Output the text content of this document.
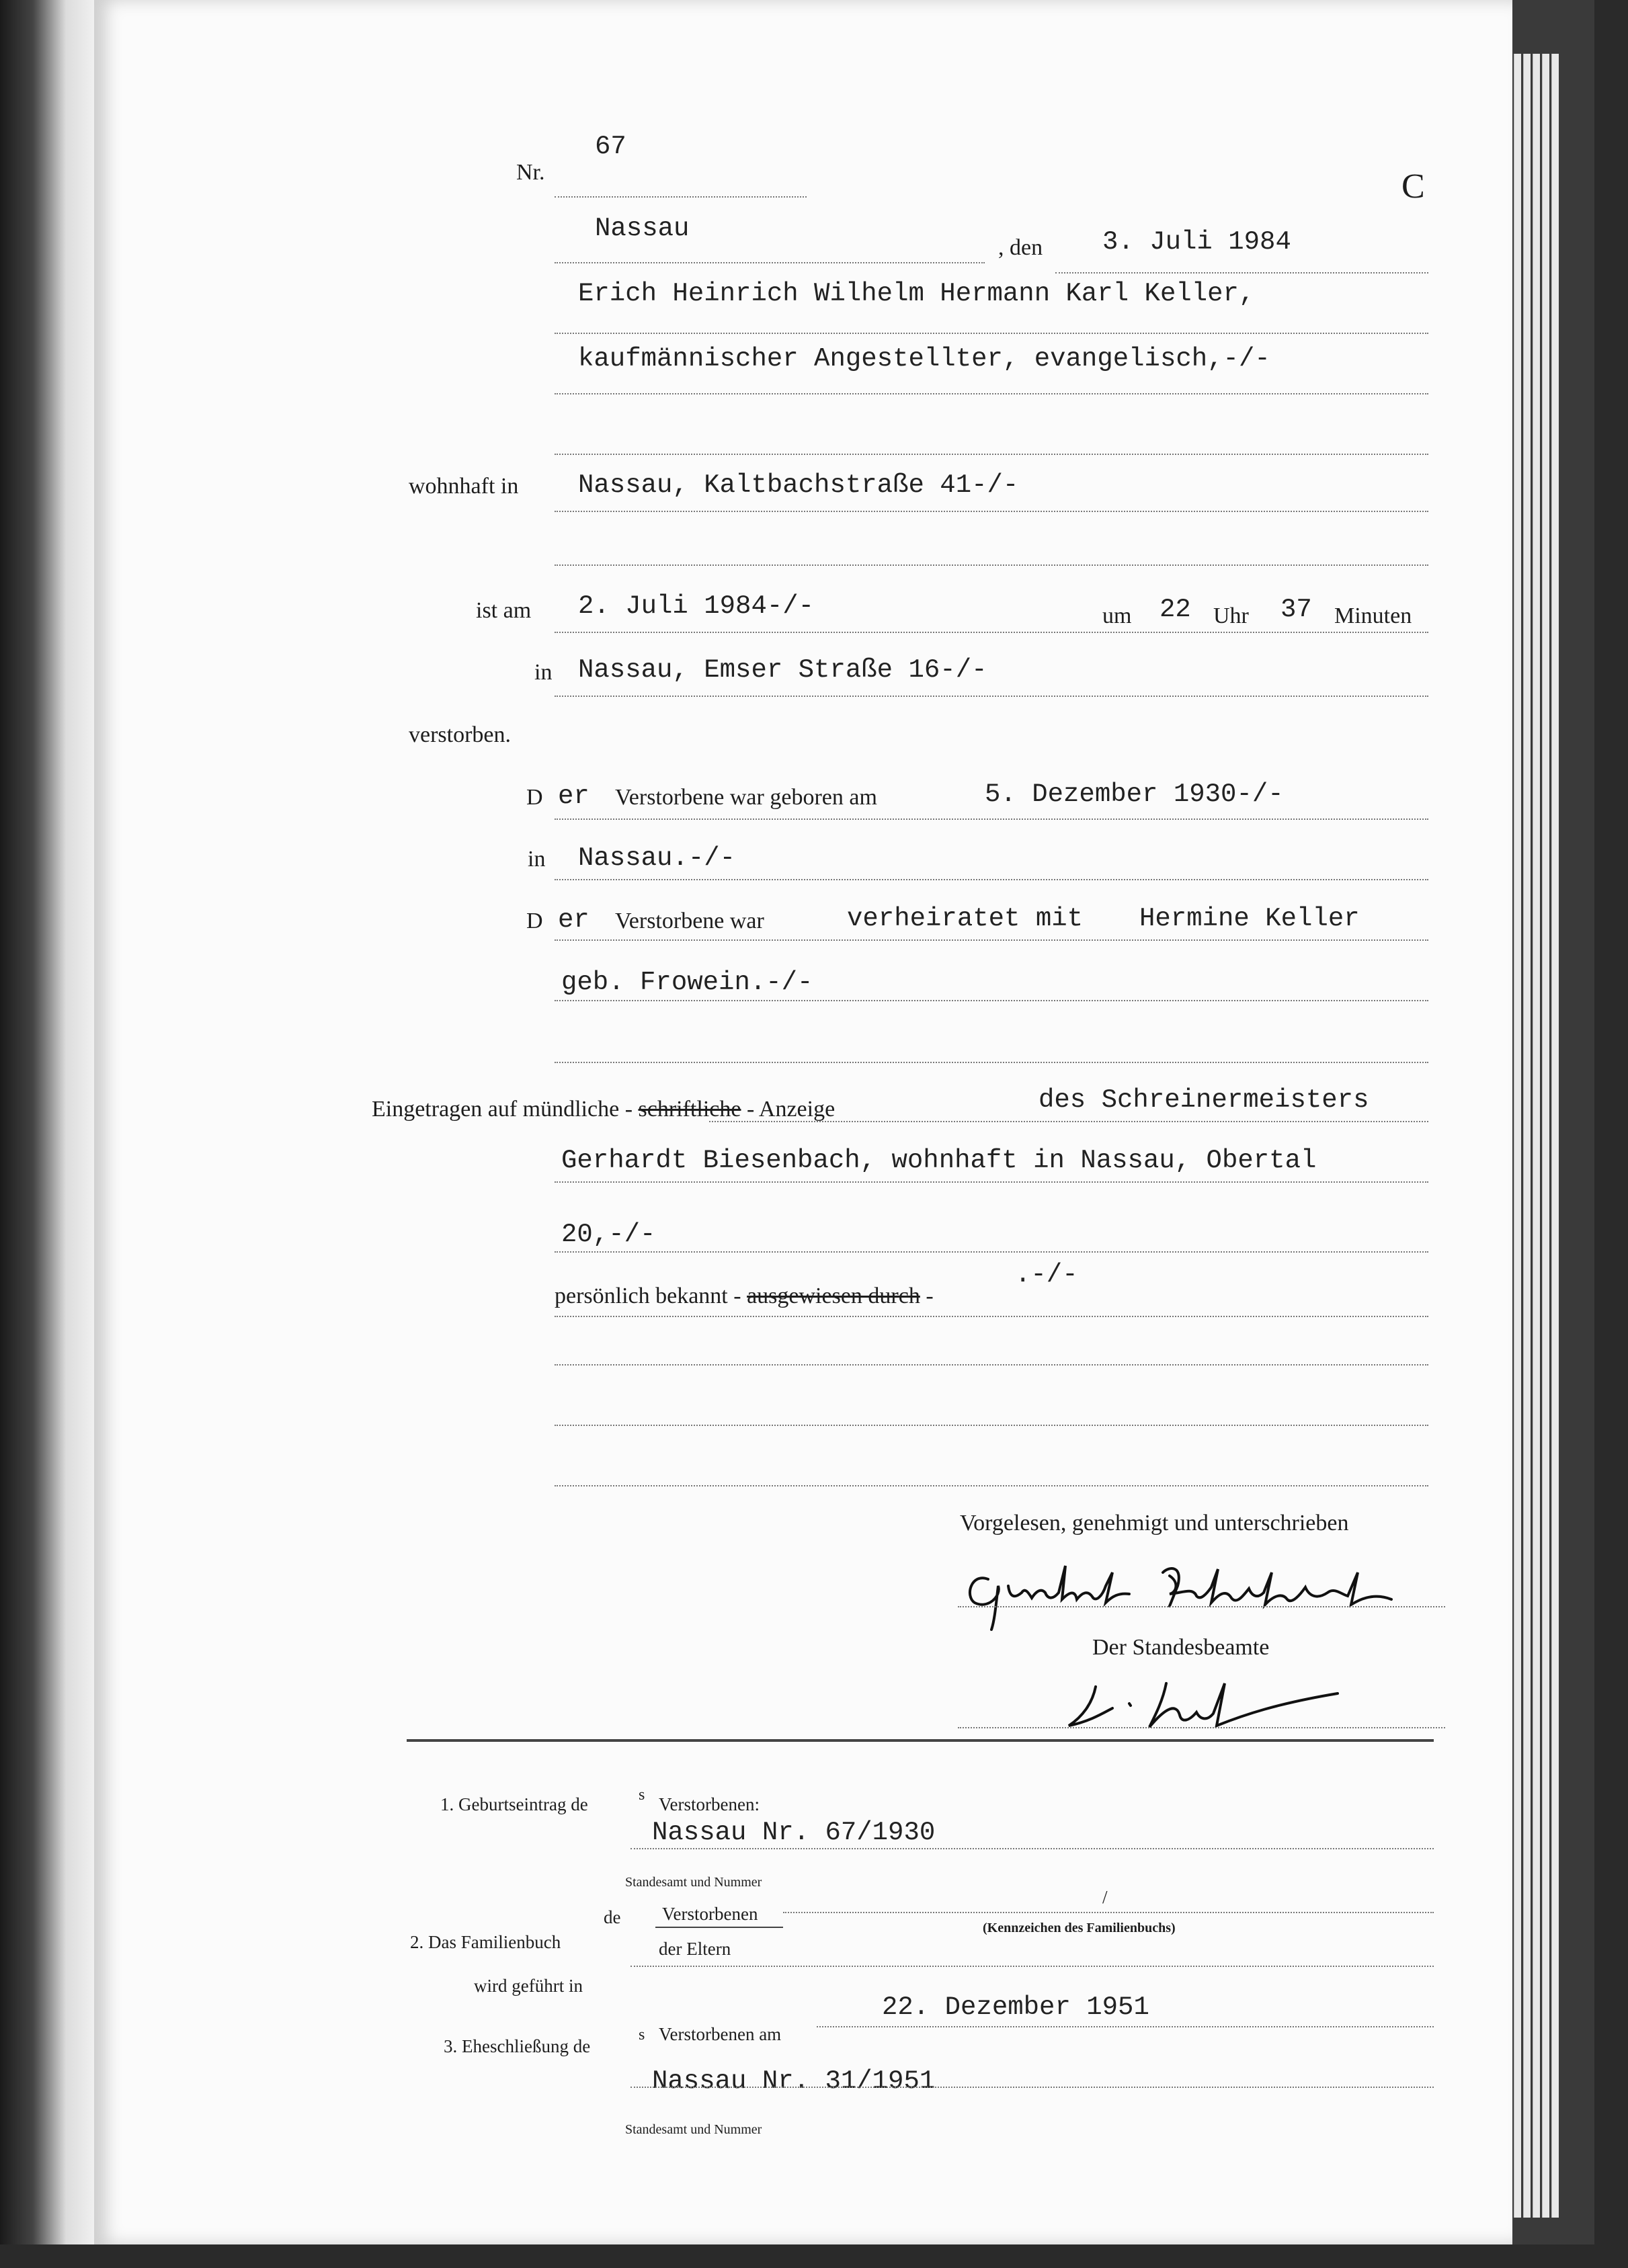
Nr.
67
C
Nassau
, den 3. Juli 1984
Erich Heinrich Wilhelm Hermann Karl Keller,
kaufmännischer Angestellter, evangelisch,-/-
wohnhaft in Nassau, Kaltbachstraße 41-/-
ist am 2. Juli 1984-/-	um 22 Uhr 37 Minuten
in Nassau, Emser Straße 16-/-
verstorben.
D er Verstorbene war geboren am	5. Dezember 1930-/-
in Nassau.-/-
D er Verstorbene war	verheiratet mit Hermine Keller
geb. Frowein.-/-
Eingetragen auf mündliche - schriftliche - Anzeige	des Schreinermeisters
Gerhardt Biesenbach, wohnhaft in Nassau, Obertal
20,-/-
persönlich bekannt - ausgewiesen durch -
.-/-
Vorgelesen, genehmigt und unterschrieben
Der Standesbeamte
1. Geburtseintrag de	s Verstorbenen:
Nassau Nr. 67/1930
Standesamt und Nummer
2. Das Familienbuch
de Verstorbenen
der Eltern
/
(Kennzeichen des Familienbuchs)
wird geführt in
3. Eheschließung de
s Verstorbenen am
22. Dezember 1951
Nassau Nr. 31/1951
Standesamt und Nummer
